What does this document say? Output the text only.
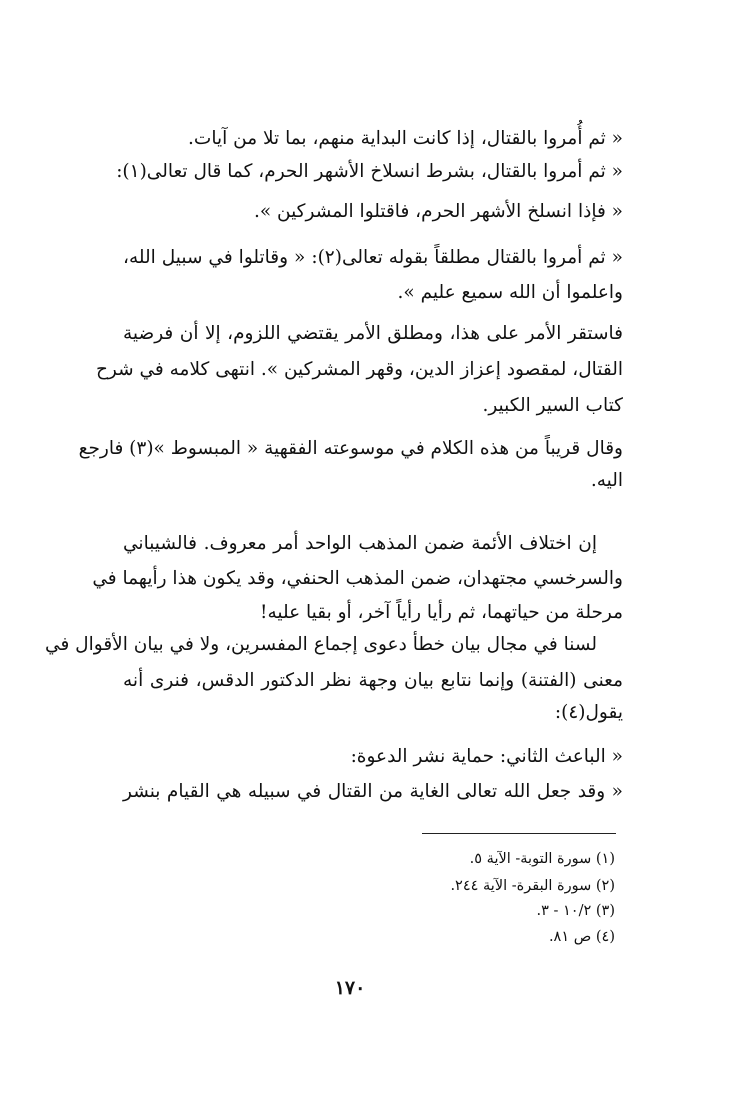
« ثم أُمروا بالقتال، إذا كانت البداية منهم، بما تلا من آيات.
« ثم أمروا بالقتال، بشرط انسلاخ الأشهر الحرم، كما قال تعالى(١):
« فإذا انسلخ الأشهر الحرم، فاقتلوا المشركين ».
« ثم أمروا بالقتال مطلقاً بقوله تعالى(٢): « وقاتلوا في سبيل الله،
واعلموا أن الله سميع عليم ».
فاستقر الأمر على هذا، ومطلق الأمر يقتضي اللزوم، إلا أن فرضية
القتال، لمقصود إعزاز الدين، وقهر المشركين ». انتهى كلامه في شرح
كتاب السير الكبير.
وقال قريباً من هذه الكلام في موسوعته الفقهية « المبسوط »(٣) فارجع
اليه.
إن اختلاف الأئمة ضمن المذهب الواحد أمر معروف. فالشيباني
والسرخسي مجتهدان، ضمن المذهب الحنفي، وقد يكون هذا رأيهما في
مرحلة من حياتهما، ثم رأيا رأياً آخر، أو بقيا عليه!
لسنا في مجال بيان خطأ دعوى إجماع المفسرين، ولا في بيان الأقوال في
معنى (الفتنة) وإنما نتابع بيان وجهة نظر الدكتور الدقس، فنرى أنه
يقول(٤):
« الباعث الثاني: حماية نشر الدعوة:
« وقد جعل الله تعالى الغاية من القتال في سبيله هي القيام بنشر
(١) سورة التوبة- الآية ٥.
(٢) سورة البقرة- الآية ٢٤٤.
(٣) ١٠/٢ - ٣.
(٤) ص ٨١.
١٧٠
